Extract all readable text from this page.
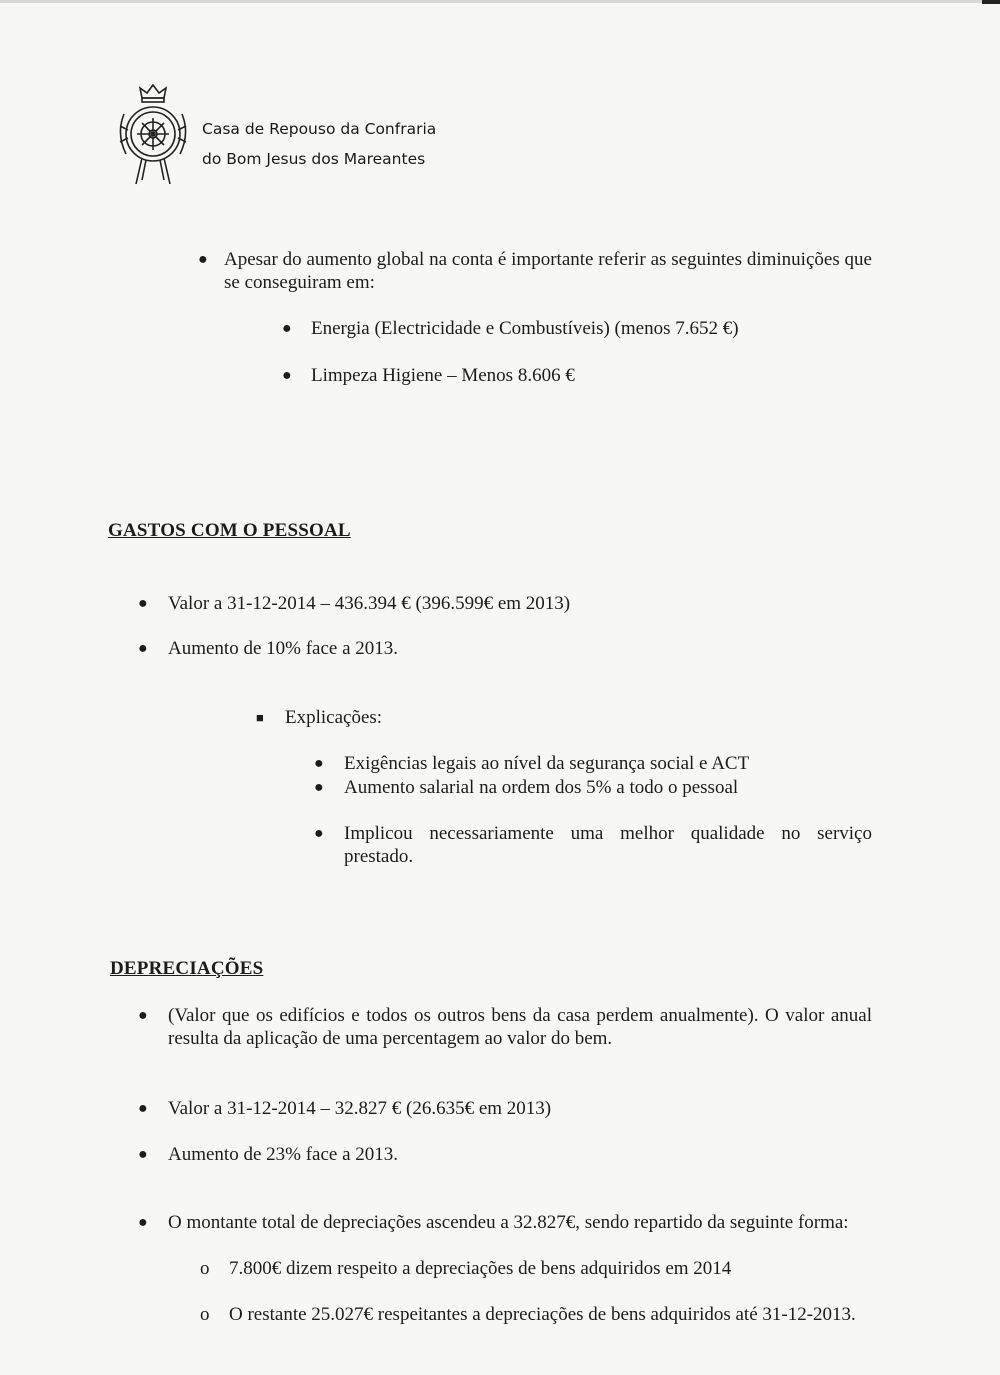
Casa de Repouso da Confraria
do Bom Jesus dos Mareantes
● Apesar do aumento global na conta é importante referir as seguintes diminuições que se conseguiram em:
● Energia (Electricidade e Combustíveis) (menos 7.652 €)
● Limpeza Higiene – Menos 8.606 €
GASTOS COM O PESSOAL
● Valor a 31-12-2014 – 436.394 € (396.599€ em 2013)
● Aumento de 10% face a 2013.
■ Explicações:
● Exigências legais ao nível da segurança social e ACT
● Aumento salarial na ordem dos 5% a todo o pessoal
● Implicou necessariamente uma melhor qualidade no serviço prestado.
DEPRECIAÇÕES
● (Valor que os edifícios e todos os outros bens da casa perdem anualmente). O valor anual resulta da aplicação de uma percentagem ao valor do bem.
● Valor a 31-12-2014 – 32.827 € (26.635€ em 2013)
● Aumento de 23% face a 2013.
● O montante total de depreciações ascendeu a 32.827€, sendo repartido da seguinte forma:
o 7.800€ dizem respeito a depreciações de bens adquiridos em 2014
o O restante 25.027€ respeitantes a depreciações de bens adquiridos até 31-12-2013.
